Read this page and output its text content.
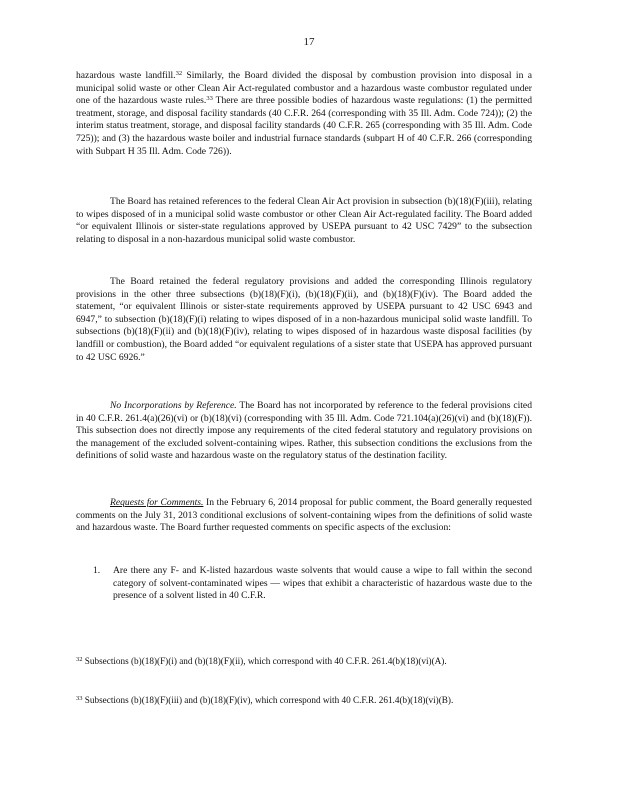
17

hazardous waste landfill.$^{32}$ Similarly, the Board divided the disposal by combustion provision into disposal in a municipal solid waste or other Clean Air Act-regulated combustor and a hazardous waste combustor regulated under one of the hazardous waste rules.$^{33}$ There are three possible bodies of hazardous waste regulations: (1) the permitted treatment, storage, and disposal facility standards (40 C.F.R. 264 (corresponding with 35 Ill. Adm. Code 724)); (2) the interim status treatment, storage, and disposal facility standards (40 C.F.R. 265 (corresponding with 35 Ill. Adm. Code 725)); and (3) the hazardous waste boiler and industrial furnace standards (subpart H of 40 C.F.R. 266 (corresponding with Subpart H 35 Ill. Adm. Code 726)).

The Board has retained references to the federal Clean Air Act provision in subsection (b)(18)(F)(iii), relating to wipes disposed of in a municipal solid waste combustor or other Clean Air Act-regulated facility. The Board added “or equivalent Illinois or sister-state regulations approved by USEPA pursuant to 42 USC 7429” to the subsection relating to disposal in a non-hazardous municipal solid waste combustor.

The Board retained the federal regulatory provisions and added the corresponding Illinois regulatory provisions in the other three subsections (b)(18)(F)(i), (b)(18)(F)(ii), and (b)(18)(F)(iv). The Board added the statement, “or equivalent Illinois or sister-state requirements approved by USEPA pursuant to 42 USC 6943 and 6947,” to subsection (b)(18)(F)(i) relating to wipes disposed of in a non-hazardous municipal solid waste landfill. To subsections (b)(18)(F)(ii) and (b)(18)(F)(iv), relating to wipes disposed of in hazardous waste disposal facilities (by landfill or combustion), the Board added “or equivalent regulations of a sister state that USEPA has approved pursuant to 42 USC 6926.”

No Incorporations by Reference. The Board has not incorporated by reference to the federal provisions cited in 40 C.F.R. 261.4(a)(26)(vi) or (b)(18)(vi) (corresponding with 35 Ill. Adm. Code 721.104(a)(26)(vi) and (b)(18)(F)). This subsection does not directly impose any requirements of the cited federal statutory and regulatory provisions on the management of the excluded solvent-containing wipes. Rather, this subsection conditions the exclusions from the definitions of solid waste and hazardous waste on the regulatory status of the destination facility.

Requests for Comments. In the February 6, 2014 proposal for public comment, the Board generally requested comments on the July 31, 2013 conditional exclusions of solvent-containing wipes from the definitions of solid waste and hazardous waste. The Board further requested comments on specific aspects of the exclusion:

1. Are there any F- and K-listed hazardous waste solvents that would cause a wipe to fall within the second category of solvent-contaminated wipes — wipes that exhibit a characteristic of hazardous waste due to the presence of a solvent listed in 40 C.F.R.

$^{32}$ Subsections (b)(18)(F)(i) and (b)(18)(F)(ii), which correspond with 40 C.F.R. 261.4(b)(18)(vi)(A).

$^{33}$ Subsections (b)(18)(F)(iii) and (b)(18)(F)(iv), which correspond with 40 C.F.R. 261.4(b)(18)(vi)(B).
